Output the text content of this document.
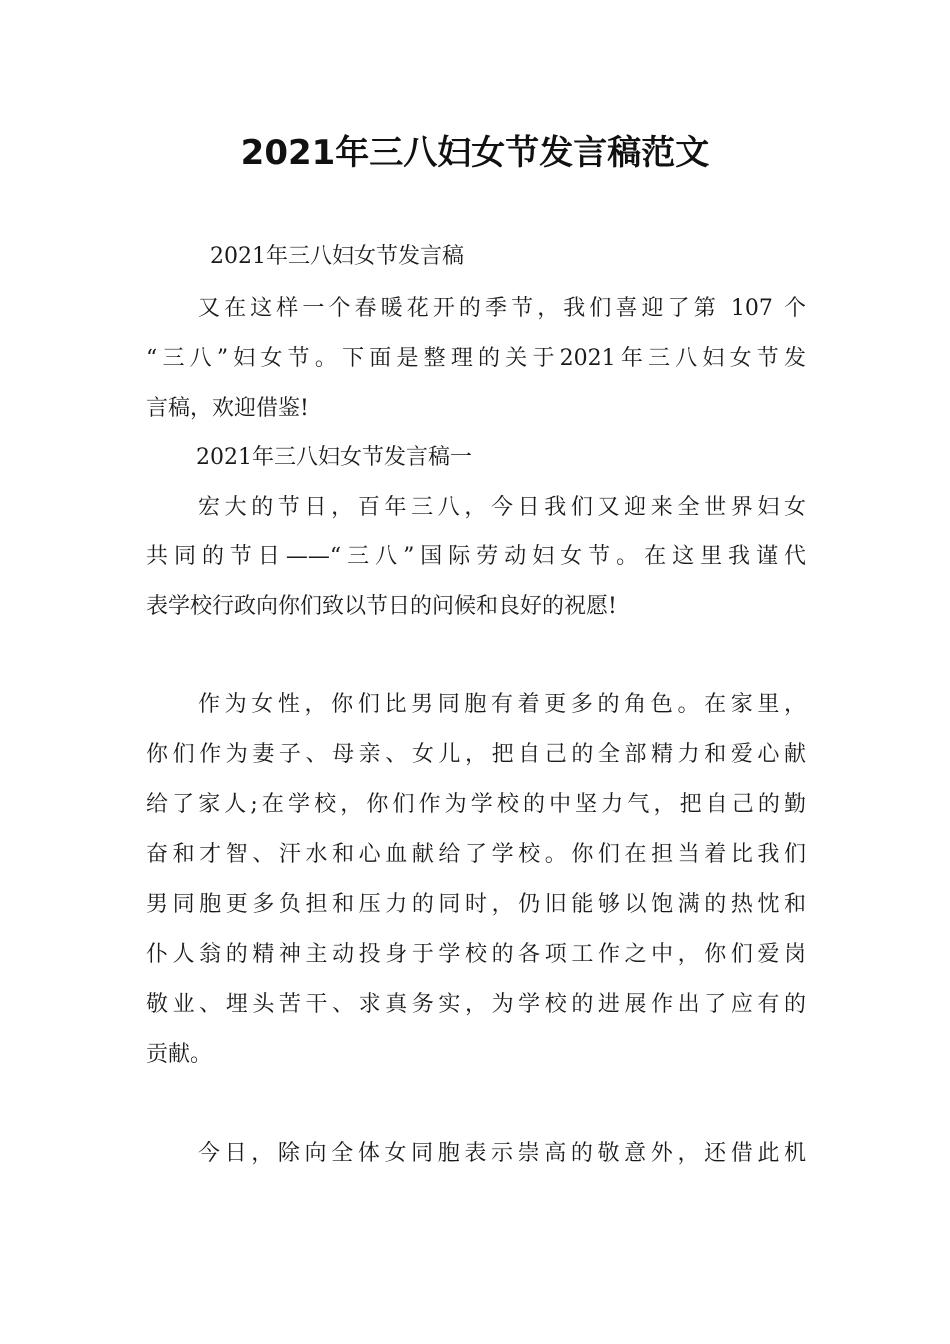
2021年三八妇女节发言稿范文
2021年三八妇女节发言稿
又在这样一个春暖花开的季节，我们喜迎了第 107 个
“三八”妇女节。下面是整理的关于2021年三八妇女节发
言稿，欢迎借鉴!
2021年三八妇女节发言稿一
宏大的节日，百年三八，今日我们又迎来全世界妇女
共同的节日——“三八”国际劳动妇女节。在这里我谨代
表学校行政向你们致以节日的问候和良好的祝愿!
作为女性，你们比男同胞有着更多的角色。在家里，
你们作为妻子、母亲、女儿，把自己的全部精力和爱心献
给了家人;在学校，你们作为学校的中坚力气，把自己的勤
奋和才智、汗水和心血献给了学校。你们在担当着比我们
男同胞更多负担和压力的同时，仍旧能够以饱满的热忱和
仆人翁的精神主动投身于学校的各项工作之中，你们爱岗
敬业、埋头苦干、求真务实，为学校的进展作出了应有的
贡献。
今日，除向全体女同胞表示崇高的敬意外，还借此机
